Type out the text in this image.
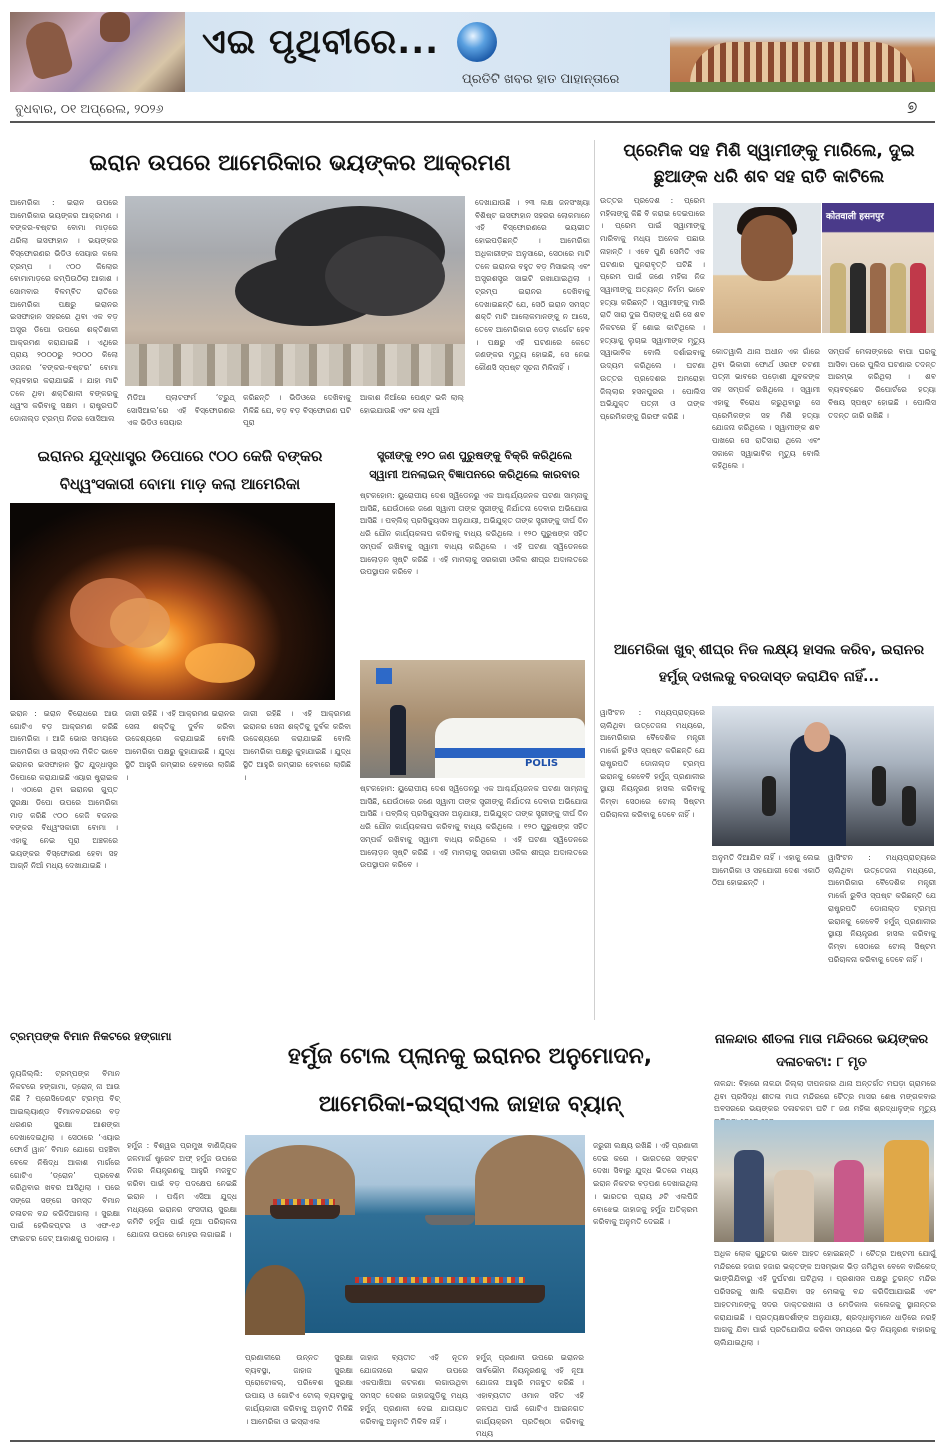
ଏଇ ପୃଥିବୀରେ...
ପ୍ରତିଟି ଖବର ହାତ ପାହାନ୍ତାରେ
ବୁଧବାର, ୦୧ ଅପ୍ରେଲ, ୨୦୨୬	୭
ଇରାନ ଉପରେ ଆମେରିକାର ଭୟଙ୍କର ଆକ୍ରମଣ
ଆମେରିକା : ଇରାନ ଉପରେ ଆମେରିକାର ଭୟଙ୍କର ଆକ୍ରମଣ । ବଙ୍କର-ବଷ୍ଟର ବୋମା ମାଡ଼ରେ ଥରିଲା ଇସଫାହାନ । ଭୟଙ୍କର ବିସ୍ଫୋରଣର ଭିଡିଓ ସେୟାର କଲେ ଟ୍ରମ୍ପ । ୯୦୦ କିଲୋର ବୋମାମାଡ଼ରେ କମ୍ପିଉଠିଲା ଆକାଶ । ସୋମବାର ବିଳମ୍ବିତ ରାତିରେ ଆମେରିକା ପକ୍ଷରୁ ଇରାନର ଇସଫାହାନ ସହରରେ ଥିବା ଏକ ବଡ଼ ଅସ୍ତ୍ର ଡିପୋ ଉପରେ ଶକ୍ତିଶାଳୀ ଆକ୍ରମଣ କରାଯାଇଛି । ଏଥିରେ ପ୍ରାୟ ୨୦୦୦ରୁ ୨୦୦୦ କିଲୋ ଓଜନର ‘ବଙ୍କର-ବଷ୍ଟର’ ବୋମା ବ୍ୟବହାର କରାଯାଇଛି । ଯାହା ମାଟି ତଳେ ଥିବା ଶକ୍ତିଶାଳୀ ବଙ୍କରକୁ ଧ୍ୱଂସ କରିବାକୁ ସକ୍ଷମ । ରାଷ୍ଟ୍ରପତି ଡୋନାଲ୍ଡ ଟ୍ରମ୍ପ ନିଜର ସୋସିଆଲ
ମିଡିଆ ପ୍ଲାଟଫର୍ମ ‘ଟ୍ରୁଥ୍ ସୋସିଆଲ’ରେ ଏହି ବିସ୍ଫୋରଣର ଏକ ଭିଡିଓ ସେୟାର
କରିଛନ୍ତି । ଭିଡିଓରେ ଦେଖିବାକୁ ମିଳିଛି ଯେ, ବଡ଼ ବଡ଼ ବିସ୍ଫୋରଣ ଘଟି ପୂରା
ଆକାଶ ନିଆଁରେ ପେଣ୍ଟ ଭଳି ଲାଲ୍ ହୋଇଯାଉଛି ଏବଂ କଳା ଧୂଆଁ
ଦେଖାଯାଉଛି । ୨୩ ଲକ୍ଷ ଜନସଂଖ୍ୟା ବିଶିଷ୍ଟ ଇସଫାହାନ ସହରର ଲୋକମାନେ ଏହି ବିସ୍ଫୋରଣରେ ଭୟଭୀତ ହୋଇପଡ଼ିଛନ୍ତି । ଆମେରିକା ଅଧିକାରୀଙ୍କ ଅନୁସାରେ, ସେଠାରେ ମାଟି ତଳେ ଇରାନର ବହୁତ ବଡ଼ ମିସାଇଲ୍ ଏବଂ ଅସ୍ତ୍ରଶସ୍ତ୍ର ସାଇଟି ରଖାଯାଇଥିଲା । ଟ୍ରମ୍ପ ଇରାନର ଦେଖିବାକୁ ଦେଖାଇଛନ୍ତି ଯେ, ସେଠି ଇରାନ ସମସ୍ତ ଶକ୍ତି ମାଟି ଆଲୋକମାନଙ୍କୁ ନ ଆସେ, ତେବେ ଆମେରିକାର ଡେଡ଼ ଟାର୍ଗେଟ ହେବ । ପକ୍ଷରୁ ଏହି ଘଟଣାରେ କେତେ ଜଣଙ୍କର ମୃତ୍ୟୁ ହୋଇଛି, ସେ ନେଇ କୌଣସି ସ୍ପଷ୍ଟ ସୂଚନା ମିଳିନାହିଁ ।
ପ୍ରେମିକ ସହ ମିଶି ସ୍ୱାମୀଙ୍କୁ ମାରିଲେ, ଦୁଇ ଛୁଆଙ୍କ ଧରି ଶବ ସହ ରାତି କାଟିଲେ
ଉତ୍ତର ପ୍ରଦେଶ : ପ୍ରେମ ମହିଳାଙ୍କୁ କିଛି ବି କରାଇ ଦେଇପାରେ । ପ୍ରେମ ପାଇଁ ସ୍ୱାମୀଙ୍କୁ ମାରିବାକୁ ମଧ୍ୟ ଅନେକ ପଛାଉ ନାହାନ୍ତି । ଏବେ ପୁଣି ସେମିତି ଏକ ଘଟଣାର ପୁନରାବୃତ୍ତି ଘଟିଛି । ପ୍ରେମ ପାଇଁ ଜଣେ ମହିଳା ନିଜ ସ୍ୱାମୀଙ୍କୁ ଅତ୍ୟନ୍ତ ନିର୍ମମ ଭାବେ ହତ୍ୟା କରିଛନ୍ତି । ସ୍ୱାମୀଙ୍କୁ ମାରି ରାତି ସାରା ଦୁଇ ପିଲାଙ୍କୁ ଧରି ସେ ଶବ ନିକଟରେ ହିଁ ଶୋଇ କାଟିଥିଲେ । ହତ୍ୟାକୁ ଲୁଚାଇ ସ୍ୱାମୀଙ୍କ ମୃତ୍ୟୁ ସ୍ୱାଭାବିକ ବୋଲି ଦର୍ଶାଇବାକୁ ଉଦ୍ୟମ କରିଥିଲେ । ଘଟଣା ଉତ୍ତର ପ୍ରଦେଶର ଅମରୋହା ଜିଲ୍ଲାର ହସନପୁରର । ପୋଲିସ ଅଭିଯୁକ୍ତ ପତ୍ନୀ ଓ ତାଙ୍କ ପ୍ରେମିକଙ୍କୁ ଗିରଫ କରିଛି ।
कोतवाली हसनपुर
କୋତୱାଲି ଥାନା ଅଧୀନ ଏକ ଗାଁରେ ଥିବା ଭିକାରୀ ଫୋର୍ଥ ଓରଫ ଚଟଣୀ ପତ୍ନୀ ଭାବରେ ପଡ଼ୋଶୀ ଯୁବକଙ୍କ ସହ ସମ୍ପର୍କ ରଖିଥିଲେ । ସ୍ୱାମୀ ଏହାକୁ ବିରୋଧ କରୁଥିବାରୁ ସେ ପ୍ରେମିକଙ୍କ ସହ ମିଶି ହତ୍ୟା ଯୋଜନା କରିଥିଲେ । ସ୍ୱାମୀଙ୍କ ଶବ ପାଖରେ ସେ ରାତିସାରା ଥିଲେ ଏବଂ ସକାଳେ ସ୍ୱାଭାବିକ ମୃତ୍ୟୁ ବୋଲି କହିଥିଲେ ।
ସମ୍ପର୍କ ମେଳାଙ୍କରେ ବାପା ଘରକୁ ଆସିବା ପରେ ପୁଲିସ ଘଟଣାର ତଦନ୍ତ ଆରମ୍ଭ କରିଥିଲା । ଶବ ବ୍ୟବଚ୍ଛେଦ ରିପୋର୍ଟରେ ହତ୍ୟା ବିଷୟ ସ୍ପଷ୍ଟ ହୋଇଛି । ପୋଲିସ ତଦନ୍ତ ଜାରି ରଖିଛି ।
ଇରାନର ଯୁଦ୍ଧାସ୍ତ୍ର ଡିପୋରେ ୯୦୦ କେଜି ବଙ୍କର ବିଧ୍ୱଂସକାରୀ ବୋମା ମାଡ଼ କଲା ଆମେରିକା
ଇରାନ : ଇରାନ ବିରୋଧରେ ଆଉ ଗୋଟିଏ ବଡ଼ ଆକ୍ରମଣ କରିଛି ଆମେରିକା । ଆଜି ଭୋର ସମୟରେ ଆମେରିକା ଓ ଇସ୍ରାଏଲ ମିଳିତ ଭାବେ ଇରାନର ଇସଫାହାନ ସ୍ଥିତ ଯୁଦ୍ଧାସ୍ତ୍ର ଡିପୋରେ କରାଯାଇଛି ଏୟାର ଷ୍ଟ୍ରାଇକ । ଏଠାରେ ଥିବା ଇରାନର ଗୁପ୍ତ ସୁରକ୍ଷା ଡିପୋ ଉପରେ ଆମେରିକା ମାଡ଼ କରିଛି ୯୦୦ କେଜି ବଜନର ବଙ୍କର ବିଧ୍ୱଂସକାରୀ ବୋମା । ଏହାକୁ ନେଇ ପୂରା ଅଞ୍ଚଳରେ ଭୟଙ୍କର ବିସ୍ଫୋରଣ ହେବା ସହ ଆଗ୍ନି ନିଆଁ ମଧ୍ୟ ଦେଖାଯାଇଛି ।
ଜାରୀ ରହିଛି । ଏହି ଆକ୍ରମଣ ଇରାନର ସେନା ଶକ୍ତିକୁ ଦୁର୍ବଳ କରିବା ଉଦ୍ଦେଶ୍ୟରେ କରାଯାଇଛି ବୋଲି ଆମେରିକା ପକ୍ଷରୁ କୁହାଯାଇଛି । ଯୁଦ୍ଧ ସ୍ଥିତି ଆହୁରି ଗମ୍ଭୀର ହେବାରେ ଲାଗିଛି ।
ଜାରୀ ରହିଛି । ଏହି ଆକ୍ରମଣ ଇରାନର ସେନା ଶକ୍ତିକୁ ଦୁର୍ବଳ କରିବା ଉଦ୍ଦେଶ୍ୟରେ କରାଯାଇଛି ବୋଲି ଆମେରିକା ପକ୍ଷରୁ କୁହାଯାଇଛି । ଯୁଦ୍ଧ ସ୍ଥିତି ଆହୁରି ଗମ୍ଭୀର ହେବାରେ ଲାଗିଛି ।
ସ୍ତ୍ରୀଙ୍କୁ ୧୨୦ ଜଣ ପୁରୁଷଙ୍କୁ ବିକ୍ରି କରିଥିଲେ ସ୍ୱାମୀ ଅନଲାଇନ୍ ବିଜ୍ଞାପନରେ କରିଥିଲେ କାରବାର
ଷ୍ଟକହୋମ: ୟୁରୋପୀୟ ଦେଶ ସ୍ୱିଡେନରୁ ଏକ ଆଶ୍ଚର୍ଯ୍ୟଜନକ ଘଟଣା ସାମ୍ନାକୁ ଆସିଛି, ଯେଉଁଠାରେ ଜଣେ ସ୍ୱାମୀ ତାଙ୍କ ସ୍ତ୍ରୀଙ୍କୁ ନିର୍ଯାତନା ଦେବାର ଅଭିଯୋଗ ଆସିଛି । ପବ୍ଲିକ୍ ପ୍ରସିକ୍ୟୁସନ ଅନୁଯାୟୀ, ଅଭିଯୁକ୍ତ ତାଙ୍କ ସ୍ତ୍ରୀଙ୍କୁ ଦୀର୍ଘ ଦିନ ଧରି ଯୌନ କାର୍ଯ୍ୟକଳାପ କରିବାକୁ ବାଧ୍ୟ କରିଥିଲେ । ୧୨୦ ପୁରୁଷଙ୍କ ସହିତ ସମ୍ପର୍କ ରଖିବାକୁ ସ୍ୱାମୀ ବାଧ୍ୟ କରିଥିଲେ । ଏହି ଘଟଣା ସ୍ୱିଡେନରେ ଆଲୋଡ଼ନ ସୃଷ୍ଟି କରିଛି । ଏହି ମାମଲାକୁ ସରକାରୀ ଓକିଲ ଶୀଘ୍ର ଅଦାଲତରେ ଉପସ୍ଥାପନ କରିବେ ।
POLIS
ଷ୍ଟକହୋମ: ୟୁରୋପୀୟ ଦେଶ ସ୍ୱିଡେନରୁ ଏକ ଆଶ୍ଚର୍ଯ୍ୟଜନକ ଘଟଣା ସାମ୍ନାକୁ ଆସିଛି, ଯେଉଁଠାରେ ଜଣେ ସ୍ୱାମୀ ତାଙ୍କ ସ୍ତ୍ରୀଙ୍କୁ ନିର୍ଯାତନା ଦେବାର ଅଭିଯୋଗ ଆସିଛି । ପବ୍ଲିକ୍ ପ୍ରସିକ୍ୟୁସନ ଅନୁଯାୟୀ, ଅଭିଯୁକ୍ତ ତାଙ୍କ ସ୍ତ୍ରୀଙ୍କୁ ଦୀର୍ଘ ଦିନ ଧରି ଯୌନ କାର୍ଯ୍ୟକଳାପ କରିବାକୁ ବାଧ୍ୟ କରିଥିଲେ । ୧୨୦ ପୁରୁଷଙ୍କ ସହିତ ସମ୍ପର୍କ ରଖିବାକୁ ସ୍ୱାମୀ ବାଧ୍ୟ କରିଥିଲେ । ଏହି ଘଟଣା ସ୍ୱିଡେନରେ ଆଲୋଡ଼ନ ସୃଷ୍ଟି କରିଛି । ଏହି ମାମଲାକୁ ସରକାରୀ ଓକିଲ ଶୀଘ୍ର ଅଦାଲତରେ ଉପସ୍ଥାପନ କରିବେ ।
ଆମେରିକା ଖୁବ୍ ଶୀଘ୍ର ନିଜ ଲକ୍ଷ୍ୟ ହାସଲ କରିବ, ଇରାନର ହର୍ମୁଜ୍ ଦଖଲକୁ ବରଦାସ୍ତ କରାଯିବ ନାହିଁ...
ୱାସିଂଟନ : ମଧ୍ୟପ୍ରାଚ୍ୟରେ ଚାଲିଥିବା ଉତ୍ତେଜନା ମଧ୍ୟରେ, ଆମେରିକାର ବୈଦେଶିକ ମନ୍ତ୍ରୀ ମାର୍କୋ ରୁବିଓ ସ୍ପଷ୍ଟ କରିଛନ୍ତି ଯେ ରାଷ୍ଟ୍ରପତି ଡୋନାଲ୍ଡ ଟ୍ରମ୍ପ ଇରାନକୁ କେବେବି ହର୍ମୁଜ୍ ପ୍ରଣାଳୀର ସ୍ଥାୟୀ ନିୟନ୍ତ୍ରଣ ହାସଲ କରିବାକୁ କିମ୍ବା ସେଠାରେ ଟୋଲ୍ ସିଷ୍ଟମ ପରିଚାଳନା କରିବାକୁ ଦେବେ ନାହିଁ ।
ଅନୁମତି ଦିଆଯିବ ନାହିଁ । ଏହାକୁ ଲେଇ ଆମେରିକା ଓ ସହଯୋଗୀ ଦେଶ ଏକାଠି ଠିଆ ହୋଇଛନ୍ତି ।
ୱାସିଂଟନ : ମଧ୍ୟପ୍ରାଚ୍ୟରେ ଚାଲିଥିବା ଉତ୍ତେଜନା ମଧ୍ୟରେ, ଆମେରିକାର ବୈଦେଶିକ ମନ୍ତ୍ରୀ ମାର୍କୋ ରୁବିଓ ସ୍ପଷ୍ଟ କରିଛନ୍ତି ଯେ ରାଷ୍ଟ୍ରପତି ଡୋନାଲ୍ଡ ଟ୍ରମ୍ପ ଇରାନକୁ କେବେବି ହର୍ମୁଜ୍ ପ୍ରଣାଳୀର ସ୍ଥାୟୀ ନିୟନ୍ତ୍ରଣ ହାସଲ କରିବାକୁ କିମ୍ବା ସେଠାରେ ଟୋଲ୍ ସିଷ୍ଟମ ପରିଚାଳନା କରିବାକୁ ଦେବେ ନାହିଁ ।
ଟ୍ରମ୍ପଙ୍କ ବିମାନ ନିକଟରେ ହଙ୍ଗାମା
ନ୍ୟୁଜିଲ୍ଲି: ଟ୍ରମ୍ପଙ୍କ ବିମାନ ନିକଟରେ ହଙ୍ଗାମା, ଡ୍ରୋନ୍ ନା ଆଉ କିଛି ? ପ୍ରେସିଡେଣ୍ଟ ଟ୍ରମ୍ପ ବିଚ୍ ଆଇଲ୍ୟାଣ୍ଡ ବିମାନବନ୍ଦରରେ ବଡ଼ ଧରଣର ସୁରକ୍ଷା ଆଶଙ୍କା ଦେଖାଦେଇଥିଲା । ସେଠାରେ ‘ଏୟାର ଫୋର୍ସ ୱାନ’ ବିମାନ ଯୋଗେ ପହଞ୍ଚିବା ବେଳେ ନିଷିଦ୍ଧ ଆକାଶ ମାର୍ଗରେ ଗୋଟିଏ ‘ଡ୍ରୋନ’ ପ୍ରବେଶ କରିଥିବାର ଖବର ଆସିଥିଲା । ପରେ ସଙ୍ଗେ ସଙ୍ଗେ ସମସ୍ତ ବିମାନ ଚଳାଚଳ ବନ୍ଦ କରିଦିଆଗଲା । ସୁରକ୍ଷା ପାଇଁ ହେଲିକପ୍ଟର ଓ ଏଫ-୧୬ ଫାଇଟର ଜେଟ୍ ଆକାଶକୁ ପଠାଗଲା ।
ହର୍ମୁଜ ଟୋଲ ପ୍ଲାନକୁ ଇରାନର ଅନୁମୋଦନ,
ଆମେରିକା-ଇସ୍ରାଏଲ ଜାହାଜ ବ୍ୟାନ୍
ହର୍ମୁଜ : ବିଶ୍ୱର ପ୍ରମୁଖ ବାଣିଜ୍ୟିକ ଜଳମାର୍ଗ ଷ୍ଟ୍ରେଟ ଅଫ୍ ହର୍ମୁଜ ଉପରେ ନିଜର ନିୟନ୍ତ୍ରଣକୁ ଆହୁରି ମଜବୁତ କରିବା ପାଇଁ ବଡ଼ ପଦକ୍ଷେପ ନେଇଛି ଇରାନ । ପଶ୍ଚିମ ଏସିଆ ଯୁଦ୍ଧ ମଧ୍ୟରେ ଇରାନର ସଂସଦୀୟ ସୁରକ୍ଷା କମିଟି ହର୍ମୁଜ ପାଇଁ ନୂଆ ପରିଚାଳନା ଯୋଜନା ଉପରେ ମୋହର ଲଗାଇଛି ।
ପ୍ରଣାଳୀରେ ଉନ୍ନତ ସୁରକ୍ଷା ବ୍ୟବସ୍ଥା, ଜାହାଜ ସୁରକ୍ଷା ପ୍ରୋଟୋକଲ୍, ପରିବେଶ ସୁରକ୍ଷା ଉପାୟ ଓ ଗୋଟିଏ ଟୋଲ୍ ବ୍ୟବସ୍ଥାକୁ କାର୍ଯ୍ୟକାରୀ କରିବାକୁ ଅନୁମତି ମିଳିଛି । ଆମେରିକା ଓ ଇସ୍ରାଏଲ
ଜାହାଜ ବ୍ୟତୀତ ଏହି ନୂତନ ଯୋଜନାରେ ଇରାନ ଉପରେ ଏକପାଖିଆ କଟକଣା ଲଗାଉଥିବା ସମସ୍ତ ଦେଶର ଜାହାଜଗୁଡ଼ିକୁ ମଧ୍ୟ ହର୍ମୁଜ୍ ପ୍ରଣାଳୀ ଦେଇ ଯାତାୟାତ କରିବାକୁ ଅନୁମତି ମିଳିବ ନାହିଁ ।
ହର୍ମୁଜ୍ ପ୍ରଣାଳୀ ଉପରେ ଇରାନର ସାର୍ବଭୌମ ନିୟନ୍ତ୍ରଣକୁ ଏହି ନୂଆ ଯୋଜନା ଆହୁରି ମଜବୁତ କରିଛି । ଏହାବ୍ୟତୀତ ଓମାନ ସହିତ ଏହି ଜଳପଥ ପାଇଁ ଗୋଟିଏ ଆଇନଗତ କାର୍ଯ୍ୟକ୍ରମ ପ୍ରତିଷ୍ଠା କରିବାକୁ ମଧ୍ୟ
ଜରୁରୀ ଲକ୍ଷ୍ୟ ରଖିଛି । ଏହି ପ୍ରଣାଳୀ ଦେଇ କରେ । ଭାରତରେ ସଙ୍କଟ ଦେଖା ସିବାରୁ ଯୁଦ୍ଧ ଭିତରେ ମଧ୍ୟ ଇରାନ ନିକଟର ବଡ଼ପଣ ଦେଖାଇଥିଲା । ଭାରତର ପ୍ରାୟ ୬ଟି ଏଲପିଜି ବୋଝେଇ ଜାହାଜକୁ ହର୍ମୁଜ ଅତିକ୍ରମ କରିବାକୁ ଅନୁମତି ଦେଇଛି ।
ନାଳନ୍ଦାର ଶୀତଳା ମାତା ମନ୍ଦିରରେ ଭୟଙ୍କର ଦଳାଚକଟା: ୮ ମୃତ
ନାଳନ୍ଦା: ବିହାରେ ନାଳନ୍ଦା ଜିଲ୍ଲା ଦୀପନଗର ଥାନା ଅନ୍ତର୍ଗତ ମଘଡ଼ା ଗ୍ରାମରେ ଥିବା ପ୍ରସିଦ୍ଧ ଶୀତଳା ମାତା ମନ୍ଦିରରେ ଚୈତ୍ର ମାସର ଶେଷ ମଙ୍ଗଳବାର ଅବସରରେ ଭୟଙ୍କର ଦଳାଚକଟା ଘଟି ୮ ଜଣ ମହିଳା ଶ୍ରଦ୍ଧାଳୁଙ୍କ ମୃତ୍ୟୁ
ଅଧିକ ଲୋକ ଗୁରୁତର ଭାବେ ଆହତ ହୋଇଛନ୍ତି । ଚୈତ୍ର ଅଷ୍ଟମୀ ଯୋଗୁଁ ମନ୍ଦିରରେ ହଜାର ହଜାର ଭକ୍ତଙ୍କ ଅସମ୍ଭାଳ ଭିଡ଼ ଜମିଥିବା ବେଳେ ବାରିକେଡ୍ ଭାଙ୍ଗିଯିବାରୁ ଏହି ଦୁର୍ଘଟଣା ଘଟିଥିଲା । ପ୍ରଶାସନ ପକ୍ଷରୁ ତୁରନ୍ତ ମନ୍ଦିର ପରିସରକୁ ଖାଲି କରାଯିବା ସହ ମେଳାକୁ ବନ୍ଦ କରିଦିଆଯାଇଛି ଏବଂ ଆହତମାନଙ୍କୁ ସଦର ଡାକ୍ତରଖାନା ଓ ମେଡିକାଲ କଲେଜକୁ ସ୍ଥାନାନ୍ତର କରାଯାଇଛି । ପ୍ରତ୍ୟକ୍ଷଦର୍ଶୀଙ୍କ ଅନୁଯାୟୀ, ଶ୍ରଦ୍ଧାଳୁମାନେ ଧାଡ଼ିରେ ନରହି ଆଗକୁ ଯିବା ପାଇଁ ପ୍ରତିଯୋଗିତା କରିବା ସମୟରେ ଭିଡ଼ ନିୟନ୍ତ୍ରଣ ବାହାରକୁ ଚାଲିଯାଇଥିଲା ।
